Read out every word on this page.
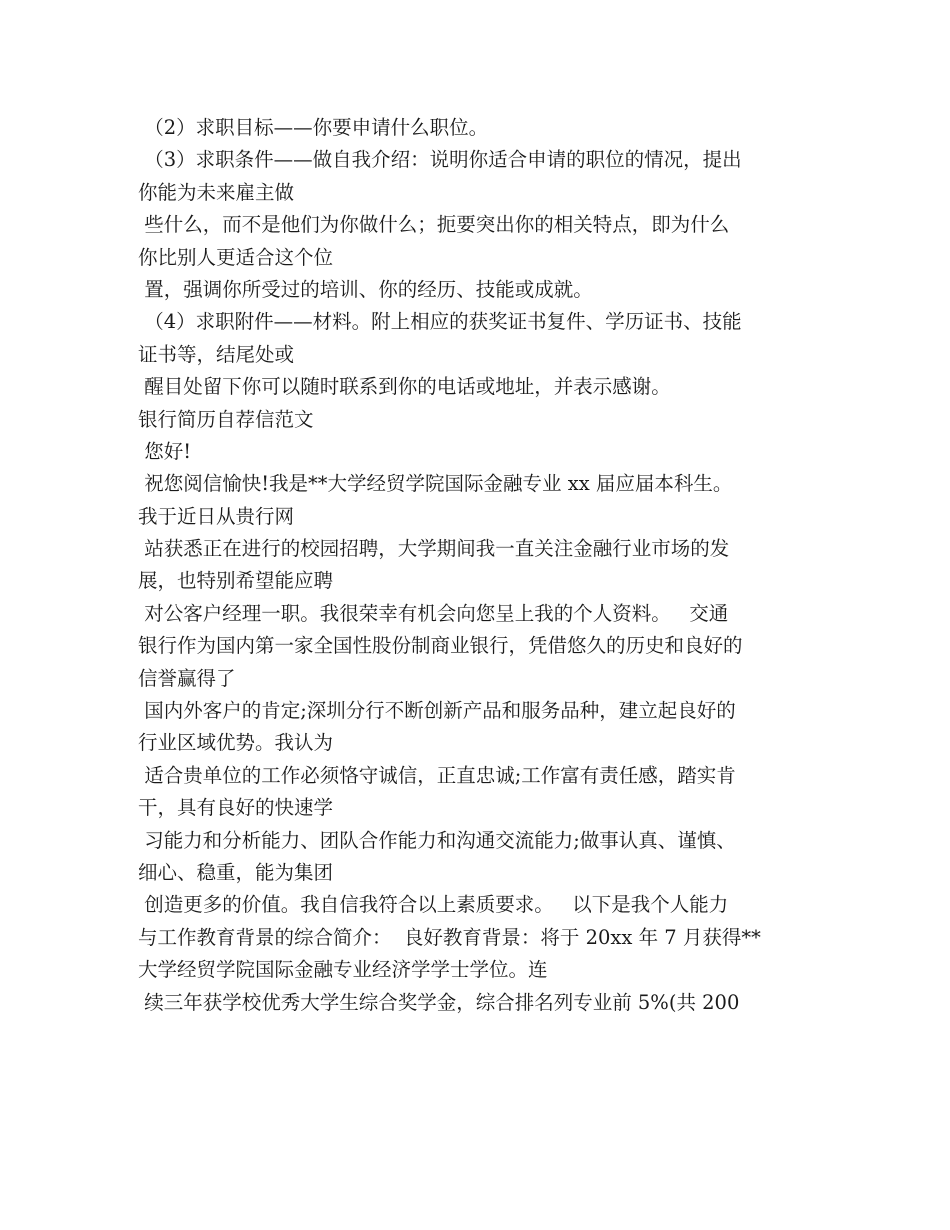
（2）求职目标——你要申请什么职位。
（3）求职条件——做自我介绍：说明你适合申请的职位的情况，提出
你能为未来雇主做
些什么，而不是他们为你做什么；扼要突出你的相关特点，即为什么
你比别人更适合这个位
置，强调你所受过的培训、你的经历、技能或成就。
（4）求职附件——材料。附上相应的获奖证书复件、学历证书、技能
证书等，结尾处或
醒目处留下你可以随时联系到你的电话或地址，并表示感谢。
银行简历自荐信范文
您好!
祝您阅信愉快!我是**大学经贸学院国际金融专业 xx 届应届本科生。
我于近日从贵行网
站获悉正在进行的校园招聘，大学期间我一直关注金融行业市场的发
展，也特别希望能应聘
对公客户经理一职。我很荣幸有机会向您呈上我的个人资料。   交通
银行作为国内第一家全国性股份制商业银行，凭借悠久的历史和良好的
信誉赢得了
国内外客户的肯定;深圳分行不断创新产品和服务品种，建立起良好的
行业区域优势。我认为
适合贵单位的工作必须恪守诚信，正直忠诚;工作富有责任感，踏实肯
干，具有良好的快速学
习能力和分析能力、团队合作能力和沟通交流能力;做事认真、谨慎、
细心、稳重，能为集团
创造更多的价值。我自信我符合以上素质要求。   以下是我个人能力
与工作教育背景的综合简介：  良好教育背景：将于 20xx 年 7 月获得**
大学经贸学院国际金融专业经济学学士学位。连
续三年获学校优秀大学生综合奖学金，综合排名列专业前 5%(共 200
